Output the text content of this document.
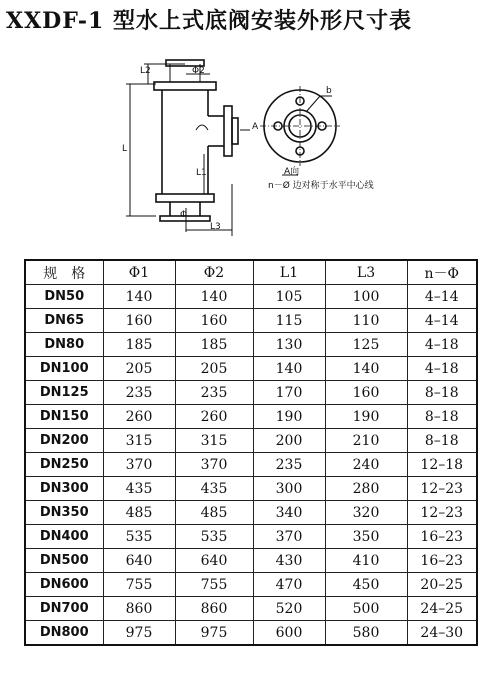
XXDF-1 型水上式底阀安装外形尺寸表
L2	Φ2
L
L1
Φ
L3
b
A
A向
n－Ø 边对称于水平中心线
规　格	Φ1	Φ2	L1	L3	n－Φ
DN50	140	140	105	100	4–14
DN65	160	160	115	110	4–14
DN80	185	185	130	125	4–18
DN100	205	205	140	140	4–18
DN125	235	235	170	160	8–18
DN150	260	260	190	190	8–18
DN200	315	315	200	210	8–18
DN250	370	370	235	240	12–18
DN300	435	435	300	280	12–23
DN350	485	485	340	320	12–23
DN400	535	535	370	350	16–23
DN500	640	640	430	410	16–23
DN600	755	755	470	450	20–25
DN700	860	860	520	500	24–25
DN800	975	975	600	580	24–30
